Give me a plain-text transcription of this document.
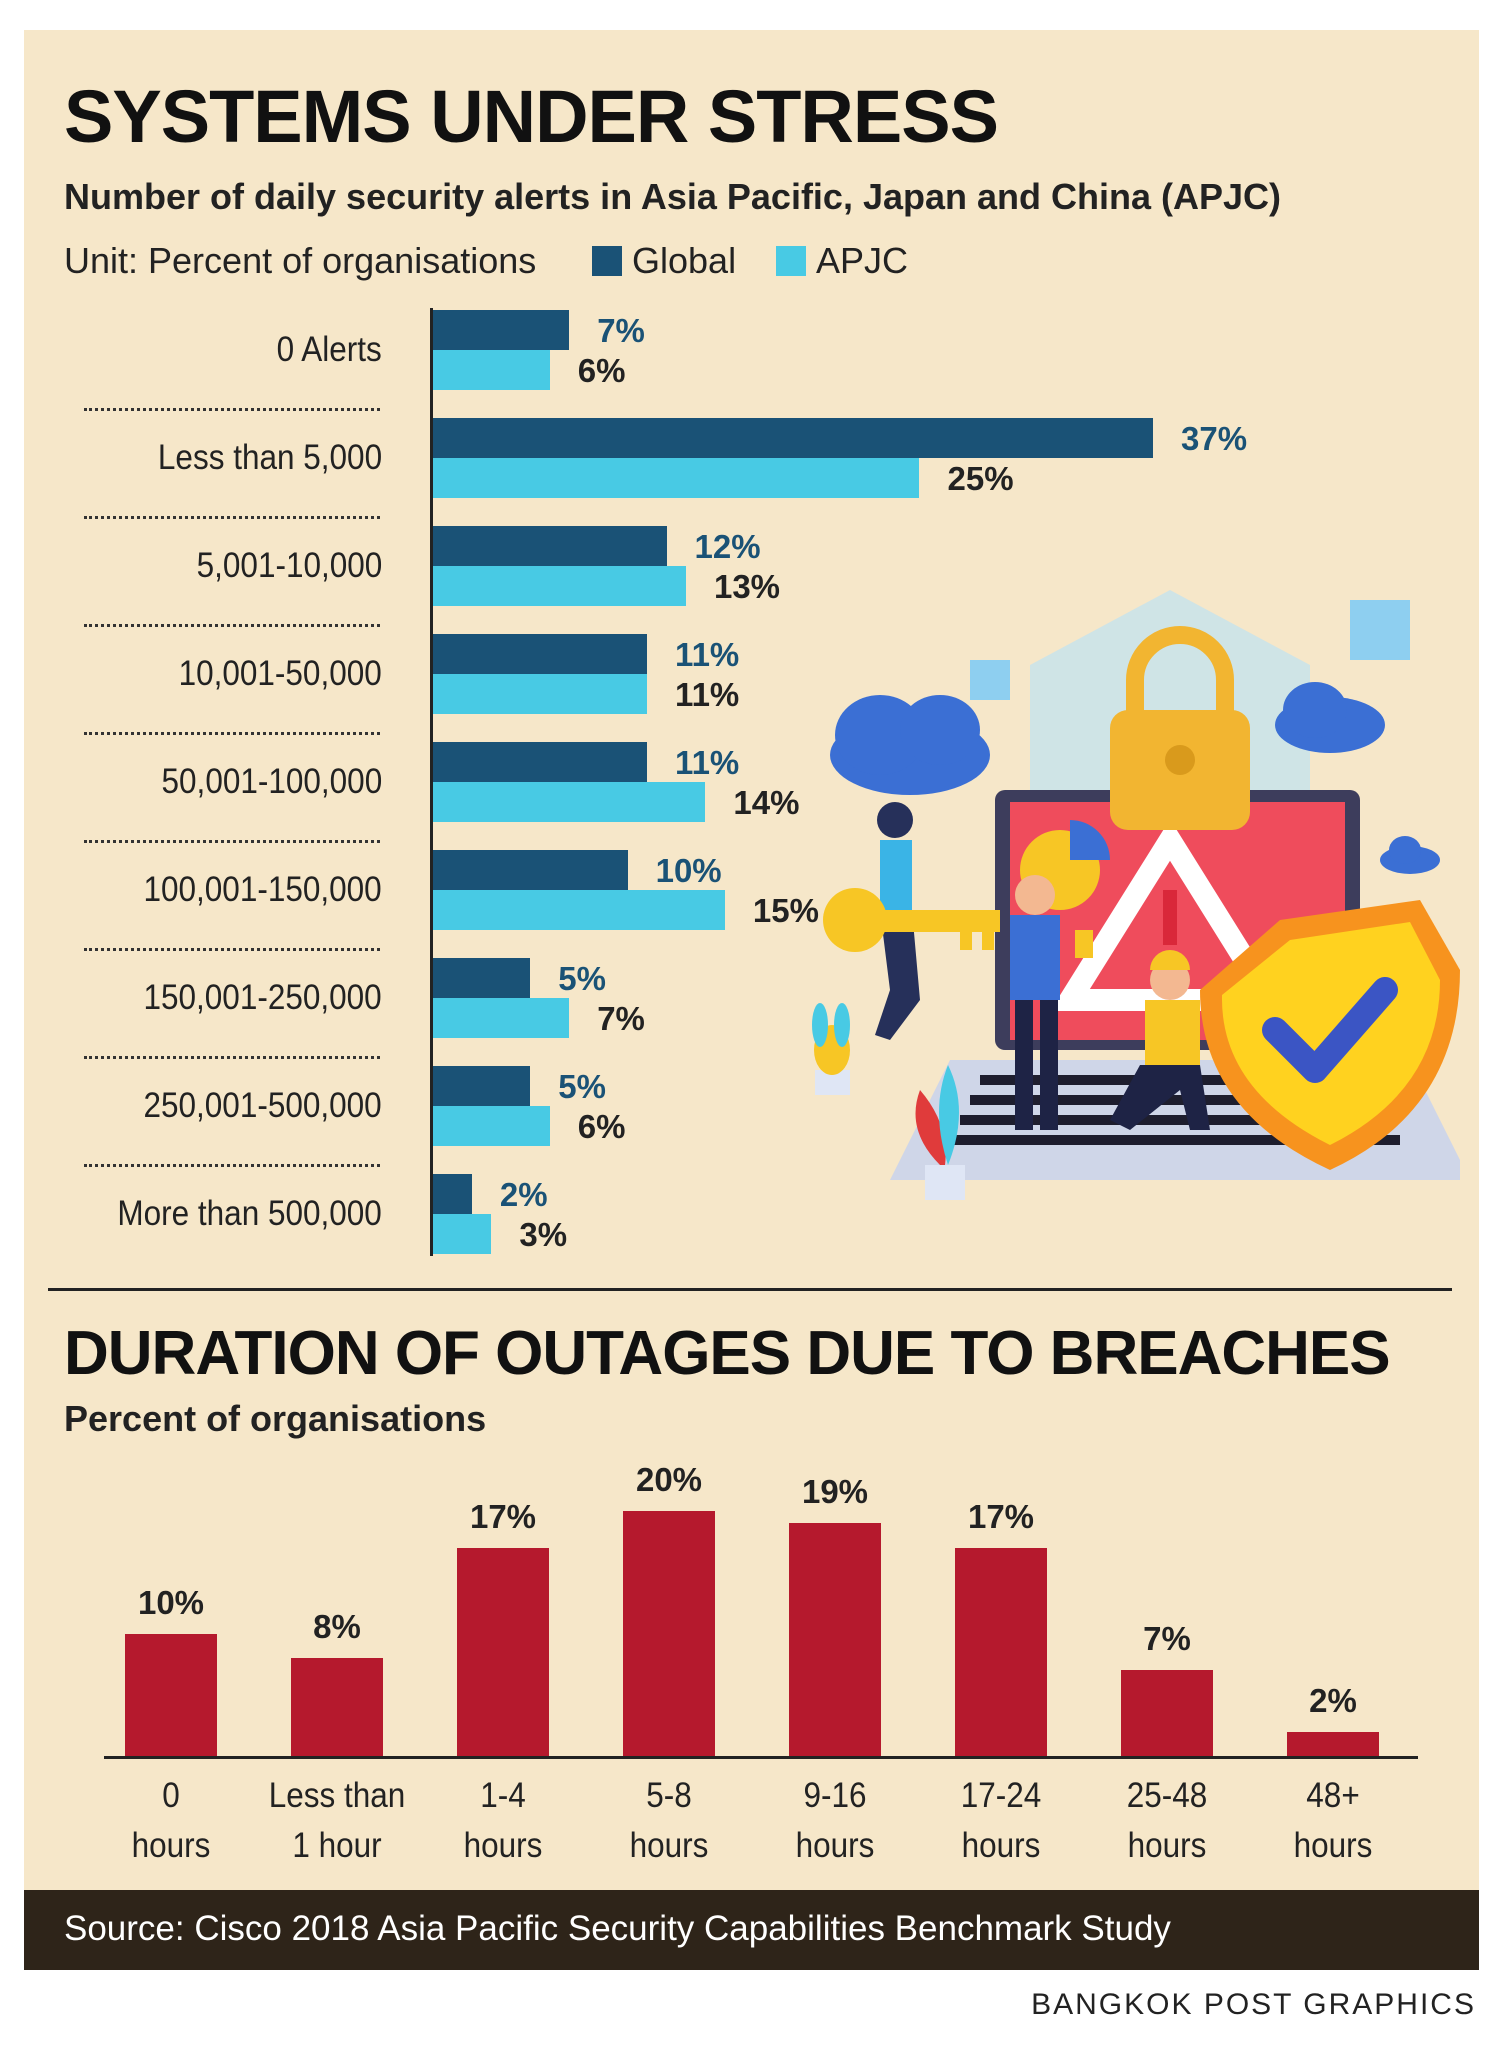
SYSTEMS UNDER STRESS
Number of daily security alerts in Asia Pacific, Japan and China (APJC)
Unit: Percent of organisations	Global APJC
0 Alerts	7%
6%
Less than 5,000	37%
25%
5,001-10,000	12%
13%
10,001-50,000	11%
11%
50,001-100,000	11%
14%
100,001-150,000	10%
15%
150,001-250,000	5%
7%
250,001-500,000	5%
6%
More than 500,000	2%
3%
DURATION OF OUTAGES DUE TO BREACHES
Percent of organisations
10%
0
hours
8%
Less than
1 hour
17%
1-4
hours
20%
5-8
hours
19%
9-16
hours
17%
17-24
hours
7%
25-48
hours
2%
48+
hours
Source: Cisco 2018 Asia Pacific Security Capabilities Benchmark Study
BANGKOK POST GRAPHICS
